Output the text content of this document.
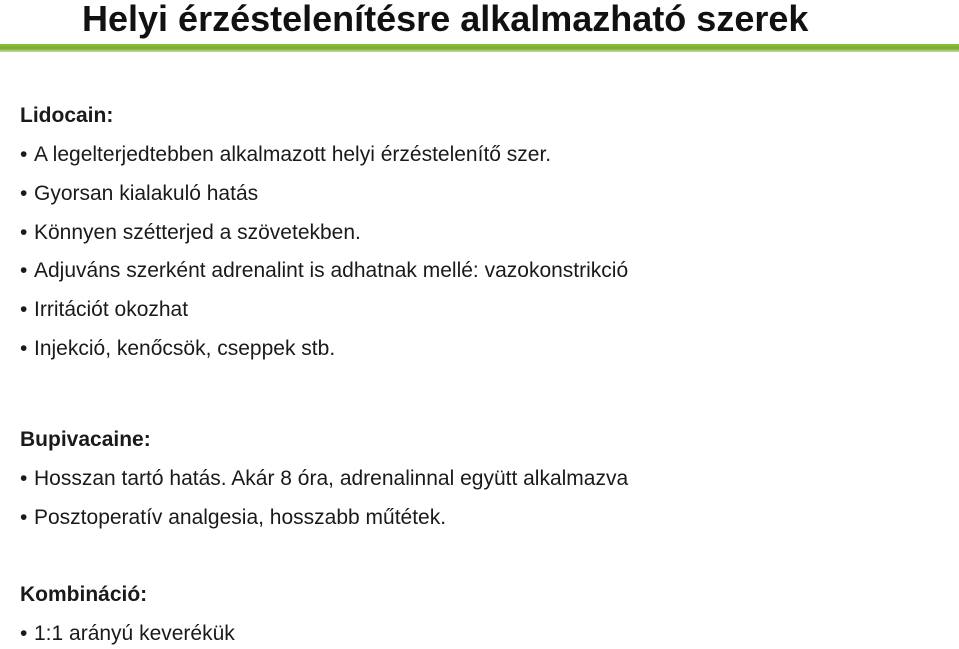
Helyi érzéstelenítésre alkalmazható szerek
Lidocain:
• A legelterjedtebben alkalmazott helyi érzéstelenítő szer.
• Gyorsan kialakuló hatás
• Könnyen szétterjed a szövetekben.
• Adjuváns szerként adrenalint is adhatnak mellé: vazokonstrikció
• Irritációt okozhat
• Injekció, kenőcsök, cseppek stb.
Bupivacaine:
• Hosszan tartó hatás. Akár 8 óra, adrenalinnal együtt alkalmazva
• Posztoperatív analgesia, hosszabb műtétek.
Kombináció:
• 1:1 arányú keverékük
